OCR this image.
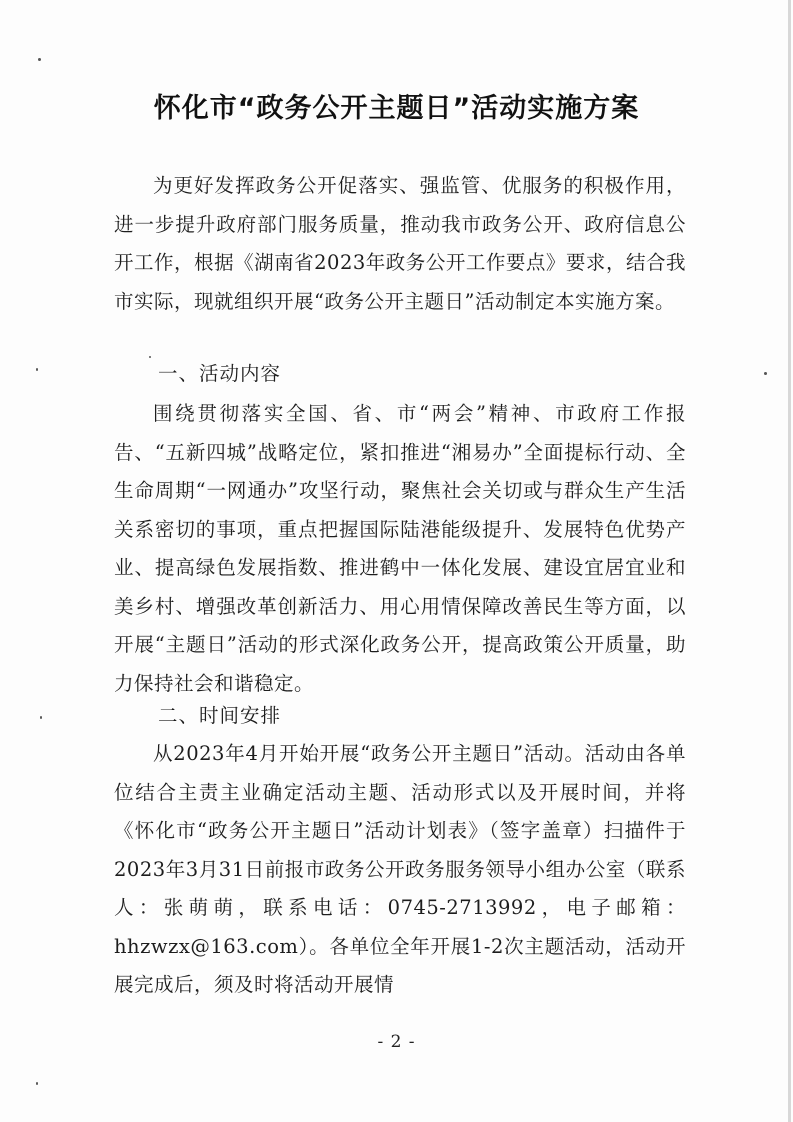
怀化市“政务公开主题日”活动实施方案

为更好发挥政务公开促落实、强监管、优服务的积极作用，进一步提升政府部门服务质量，推动我市政务公开、政府信息公开工作，根据《湖南省2023年政务公开工作要点》要求，结合我市实际，现就组织开展“政务公开主题日”活动制定本实施方案。

一、活动内容

围绕贯彻落实全国、省、市“两会”精神、市政府工作报告、“五新四城”战略定位，紧扣推进“湘易办”全面提标行动、全生命周期“一网通办”攻坚行动，聚焦社会关切或与群众生产生活关系密切的事项，重点把握国际陆港能级提升、发展特色优势产业、提高绿色发展指数、推进鹤中一体化发展、建设宜居宜业和美乡村、增强改革创新活力、用心用情保障改善民生等方面，以开展“主题日”活动的形式深化政务公开，提高政策公开质量，助力保持社会和谐稳定。

二、时间安排

从2023年4月开始开展“政务公开主题日”活动。活动由各单位结合主责主业确定活动主题、活动形式以及开展时间，并将《怀化市“政务公开主题日”活动计划表》（签字盖章）扫描件于2023年3月31日前报市政务公开政务服务领导小组办公室（联系人：张萌萌，联系电话：0745-2713992，电子邮箱：hhzwzx@163.com）。各单位全年开展1-2次主题活动，活动开展完成后，须及时将活动开展情

- 2 -
